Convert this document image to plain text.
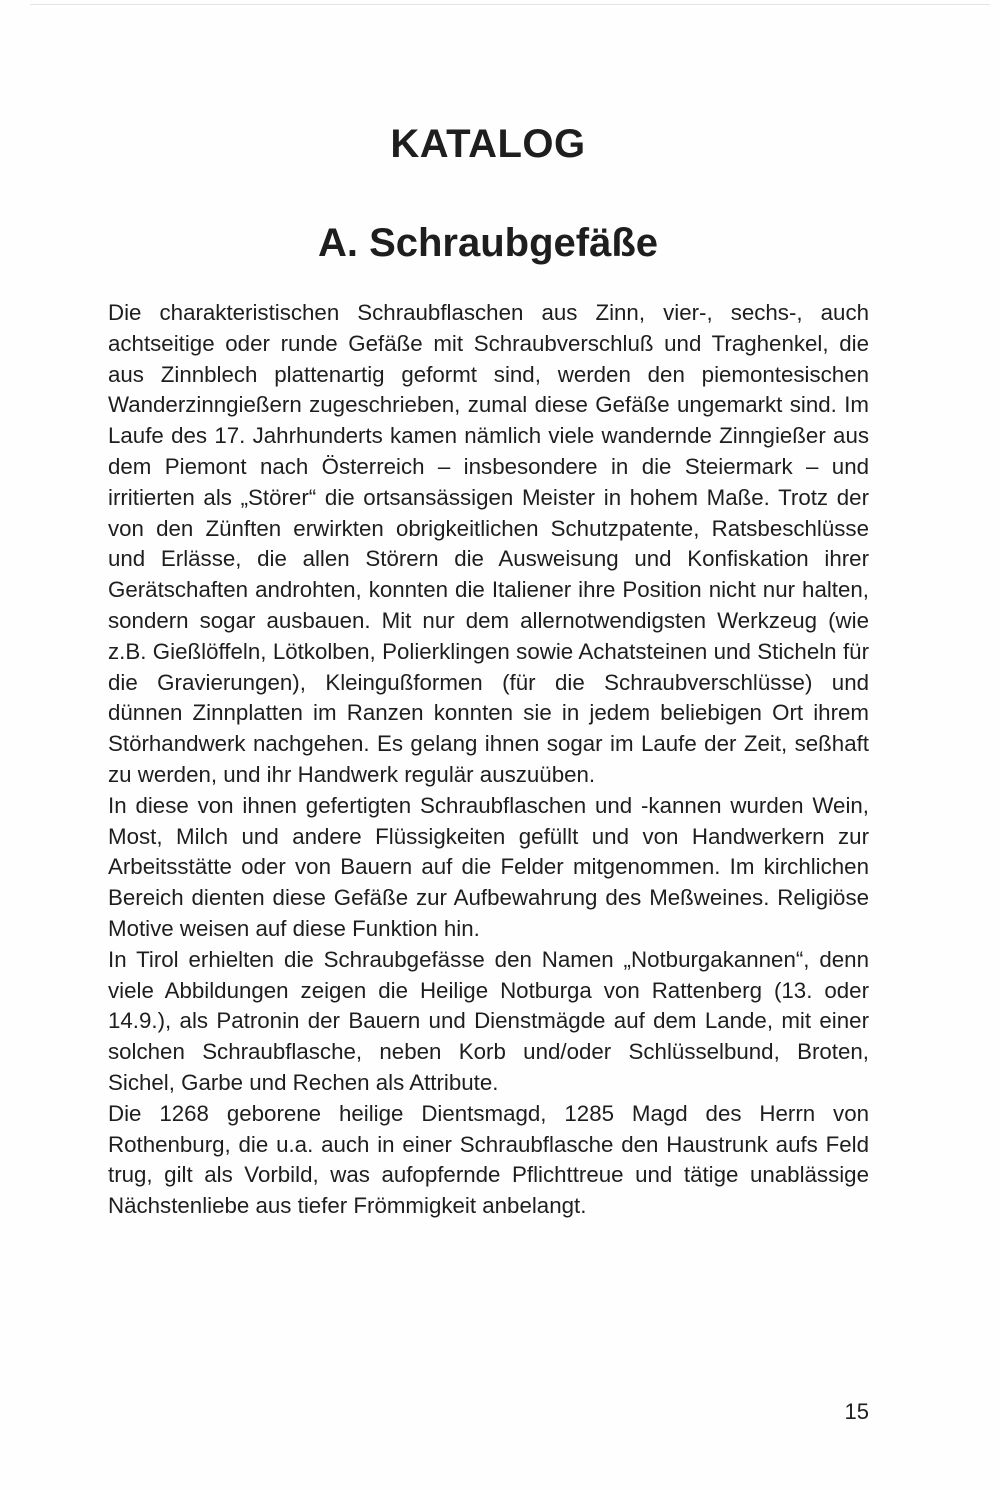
KATALOG
A. Schraubgefäße
Die charakteristischen Schraubflaschen aus Zinn, vier-, sechs-, auch achtseitige oder runde Gefäße mit Schraubverschluß und Traghenkel, die aus Zinnblech plattenartig geformt sind, werden den piemontesischen Wanderzinngießern zugeschrieben, zumal diese Gefäße ungemarkt sind. Im Laufe des 17. Jahrhunderts kamen nämlich viele wandernde Zinngießer aus dem Piemont nach Österreich – insbesondere in die Steiermark – und irritierten als „Störer“ die ortsansässigen Meister in hohem Maße. Trotz der von den Zünften erwirkten obrigkeitlichen Schutzpatente, Ratsbeschlüsse und Erlässe, die allen Störern die Ausweisung und Konfiskation ihrer Gerätschaften androhten, konnten die Italiener ihre Position nicht nur halten, sondern sogar ausbauen. Mit nur dem allernotwendigsten Werkzeug (wie z.B. Gießlöffeln, Lötkolben, Polierklingen sowie Achatsteinen und Sticheln für die Gravierungen), Kleingußformen (für die Schraubverschlüsse) und dünnen Zinnplatten im Ranzen konnten sie in jedem beliebigen Ort ihrem Störhandwerk nachgehen. Es gelang ihnen sogar im Laufe der Zeit, seßhaft zu werden, und ihr Handwerk regulär auszuüben.
In diese von ihnen gefertigten Schraubflaschen und -kannen wurden Wein, Most, Milch und andere Flüssigkeiten gefüllt und von Handwerkern zur Arbeitsstätte oder von Bauern auf die Felder mitgenommen. Im kirchlichen Bereich dienten diese Gefäße zur Aufbewahrung des Meßweines. Religiöse Motive weisen auf diese Funktion hin.
In Tirol erhielten die Schraubgefässe den Namen „Notburgakannen“, denn viele Abbildungen zeigen die Heilige Notburga von Rattenberg (13. oder 14.9.), als Patronin der Bauern und Dienstmägde auf dem Lande, mit einer solchen Schraubflasche, neben Korb und/oder Schlüsselbund, Broten, Sichel, Garbe und Rechen als Attribute.
Die 1268 geborene heilige Dientsmagd, 1285 Magd des Herrn von Rothenburg, die u.a. auch in einer Schraubflasche den Haustrunk aufs Feld trug, gilt als Vorbild, was aufopfernde Pflichttreue und tätige unablässige Nächstenliebe aus tiefer Frömmigkeit anbelangt.
15
